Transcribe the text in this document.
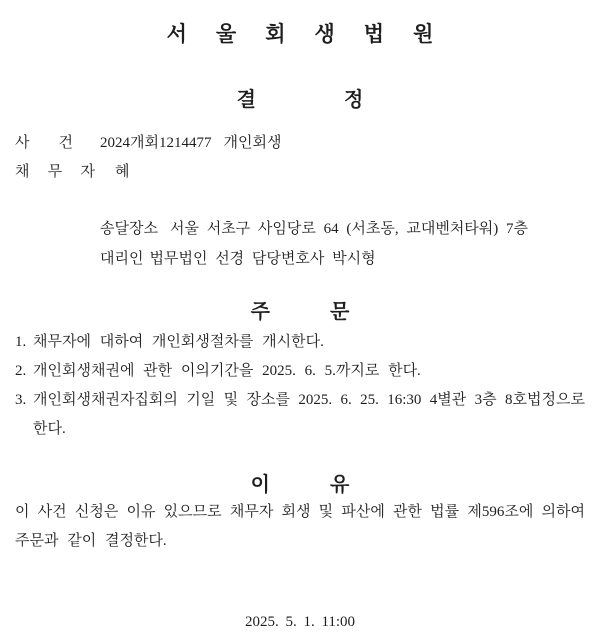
서울회생법원
결정
사 건 2024개회1214477 개인회생
채 무 자 혜
송달장소 서울 서초구 사임당로 64 (서초동, 교대벤처타워) 7층
대리인 법무법인 선경 담당변호사 박시형
주문
1. 채무자에 대하여 개인회생절차를 개시한다.
2. 개인회생채권에 관한 이의기간을 2025. 6. 5.까지로 한다.
3. 개인회생채권자집회의 기일 및 장소를 2025. 6. 25. 16:30 4별관 3층 8호법정으로
한다.
이유
이 사건 신청은 이유 있으므로 채무자 회생 및 파산에 관한 법률 제596조에 의하여
주문과 같이 결정한다.
2025. 5. 1. 11:00
